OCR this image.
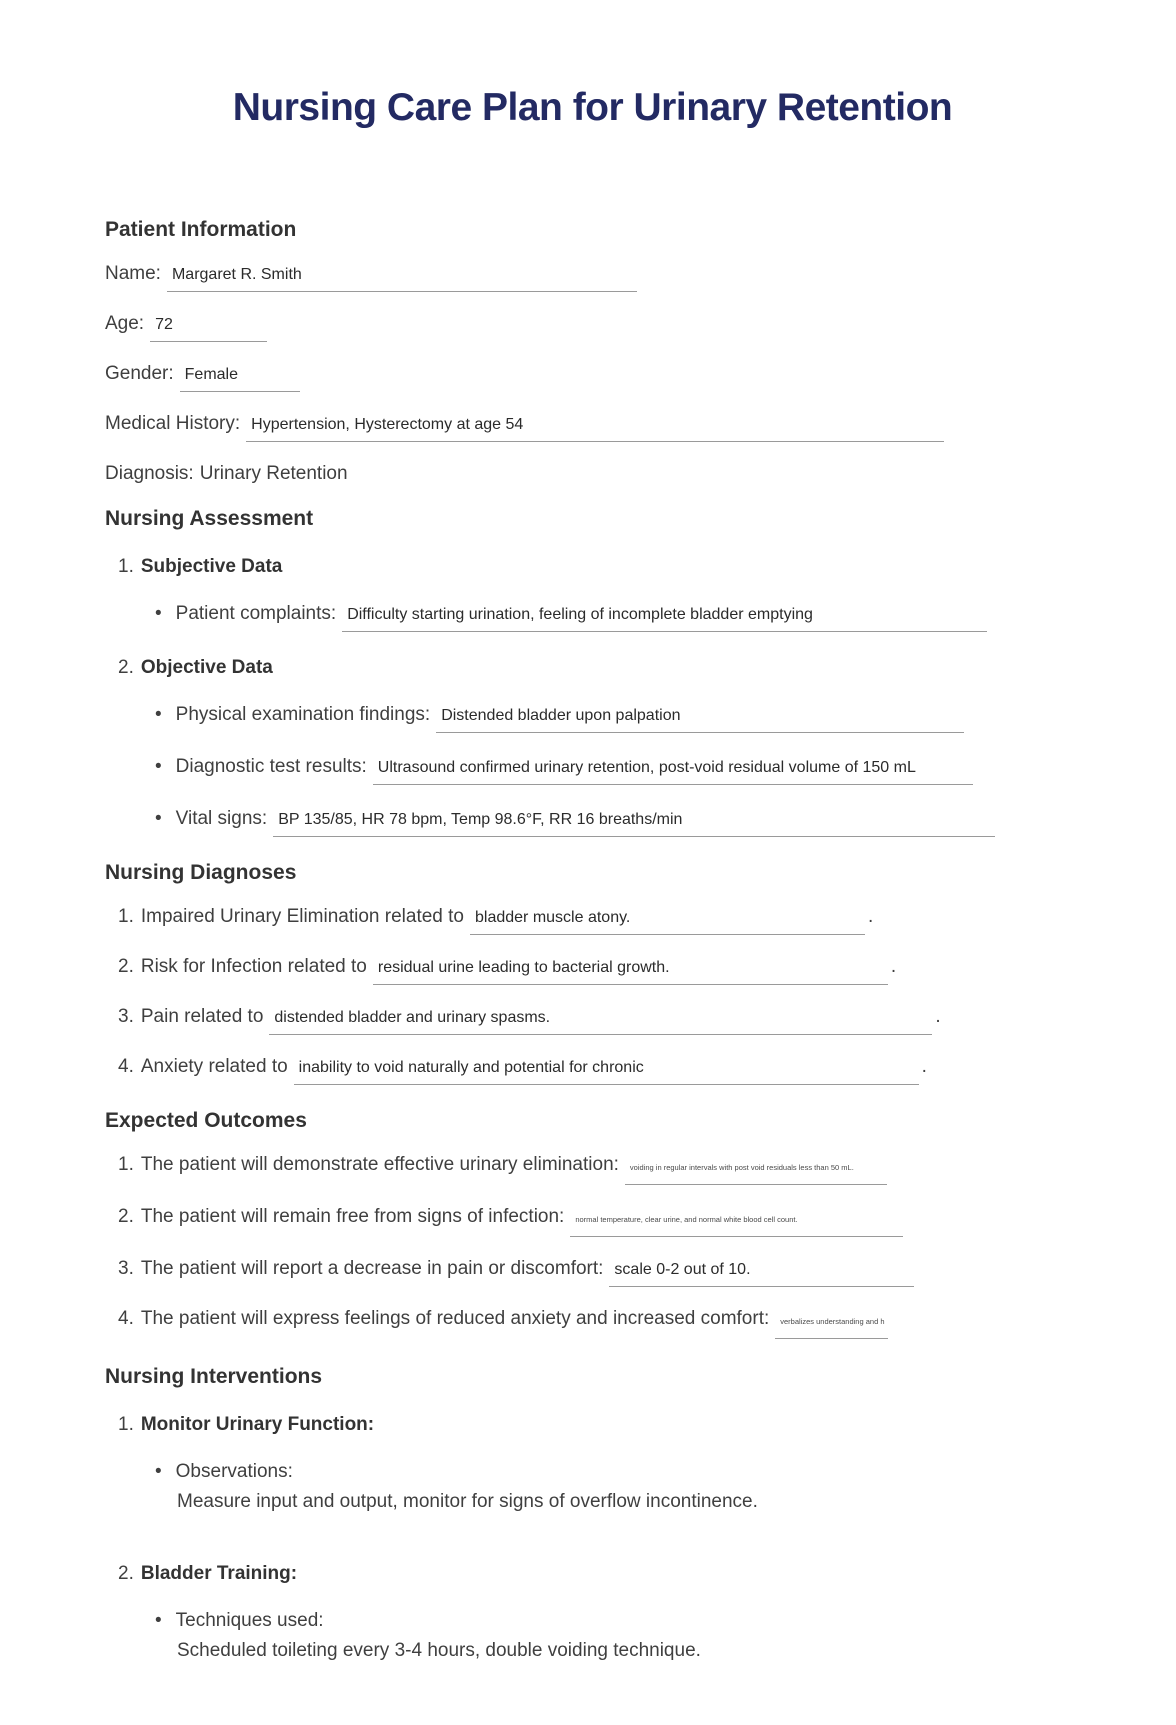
Nursing Care Plan for Urinary Retention
Patient Information
Name: Margaret R. Smith
Age: 72
Gender: Female
Medical History: Hypertension, Hysterectomy at age 54
Diagnosis: Urinary Retention
Nursing Assessment
1. Subjective Data
• Patient complaints: Difficulty starting urination, feeling of incomplete bladder emptying
2. Objective Data
• Physical examination findings: Distended bladder upon palpation
• Diagnostic test results: Ultrasound confirmed urinary retention, post-void residual volume of 150 mL
• Vital signs: BP 135/85, HR 78 bpm, Temp 98.6°F, RR 16 breaths/min
Nursing Diagnoses
1. Impaired Urinary Elimination related to bladder muscle atony.	.
2. Risk for Infection related to residual urine leading to bacterial growth.	.
3. Pain related to distended bladder and urinary spasms.	.
4. Anxiety related to inability to void naturally and potential for chronic	.
Expected Outcomes
1. The patient will demonstrate effective urinary elimination: voiding in regular intervals with post void residuals less than 50 mL.
2. The patient will remain free from signs of infection: normal temperature, clear urine, and normal white blood cell count.
3. The patient will report a decrease in pain or discomfort: scale 0-2 out of 10.
4. The patient will express feelings of reduced anxiety and increased comfort: verbalizes understanding and h
Nursing Interventions
1. Monitor Urinary Function:
• Observations:
Measure input and output, monitor for signs of overflow incontinence.
2. Bladder Training:
• Techniques used:
Scheduled toileting every 3-4 hours, double voiding technique.
